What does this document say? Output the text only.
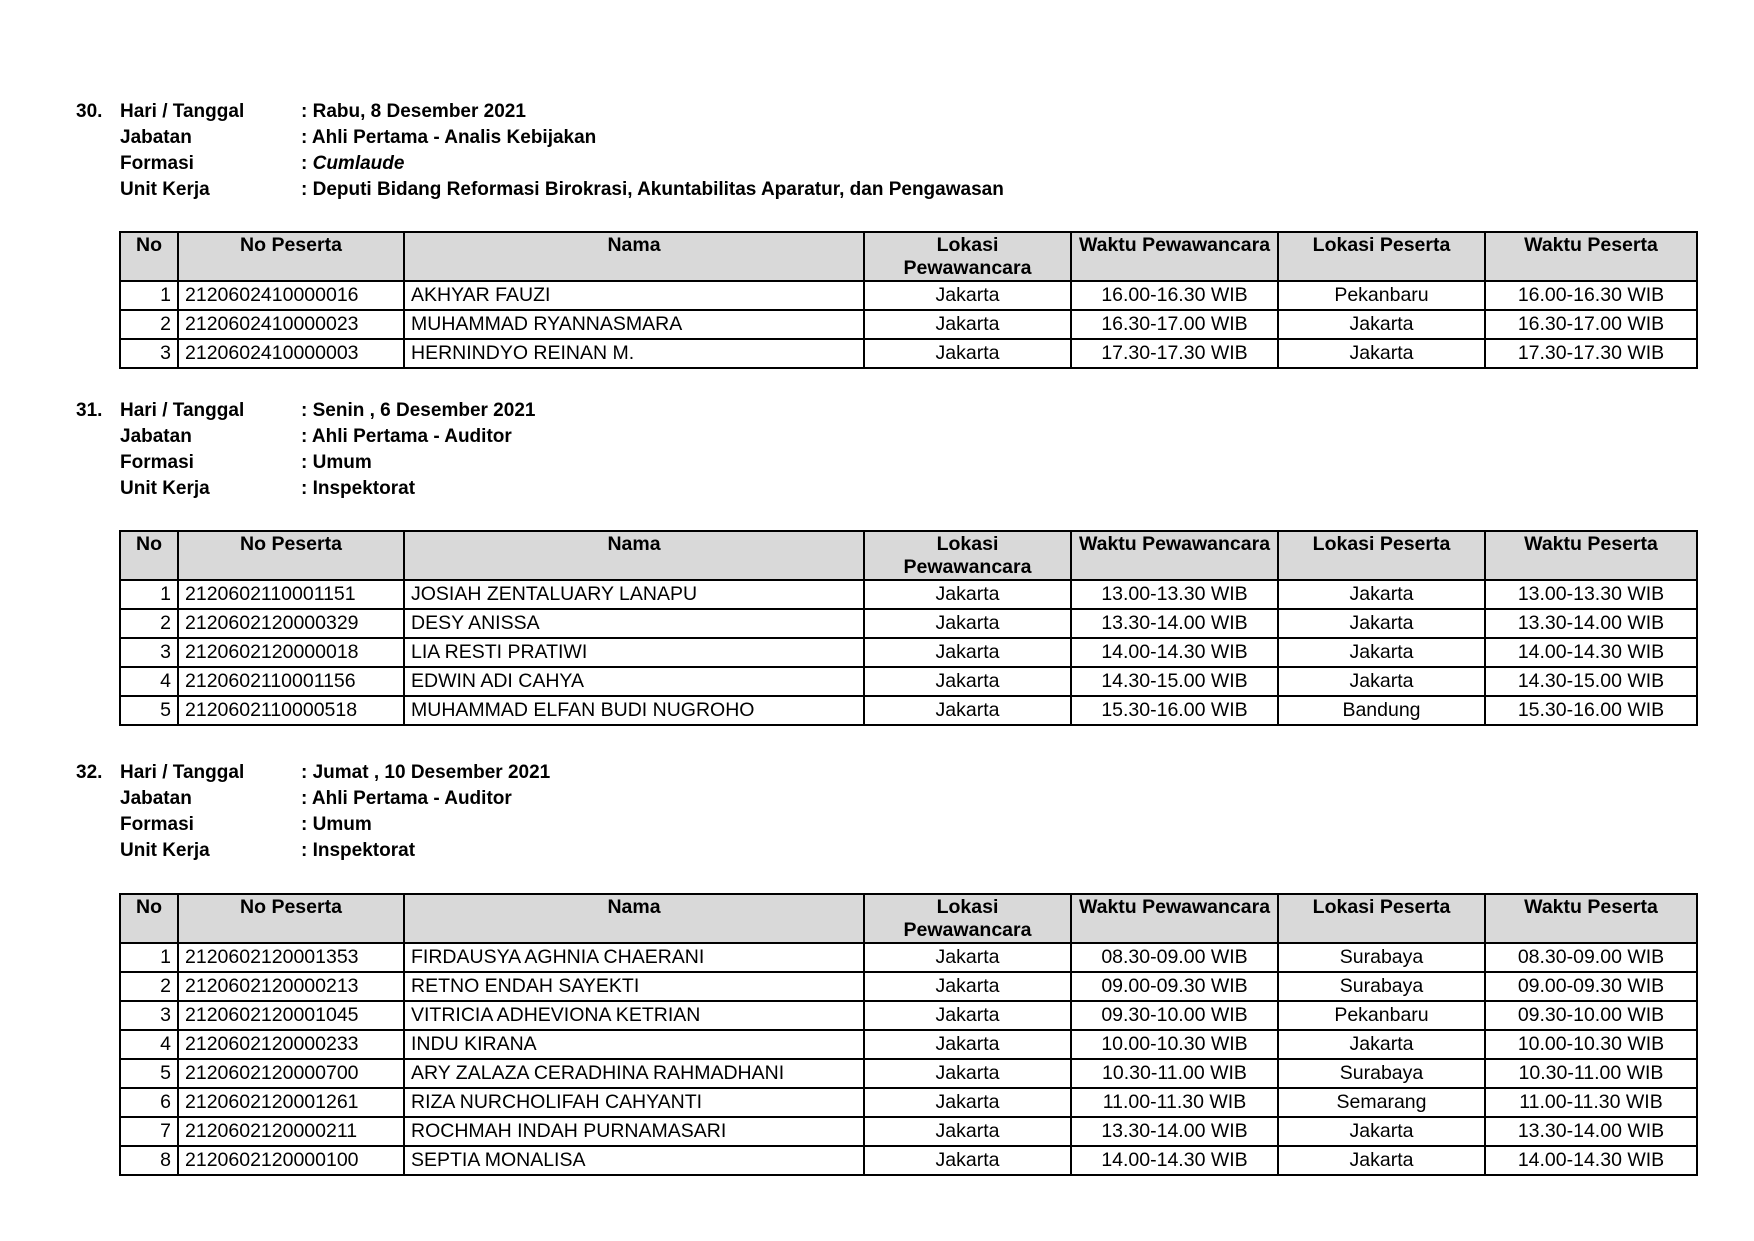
30. Hari / Tanggal	: Rabu, 8 Desember 2021
Jabatan	: Ahli Pertama - Analis Kebijakan
Formasi	: Cumlaude
Unit Kerja	: Deputi Bidang Reformasi Birokrasi, Akuntabilitas Aparatur, dan Pengawasan
No	No Peserta	Nama	Lokasi Pewawancara	Waktu Pewawancara	Lokasi Peserta	Waktu Peserta
1	2120602410000016	AKHYAR FAUZI	Jakarta	16.00-16.30 WIB	Pekanbaru	16.00-16.30 WIB
2	2120602410000023	MUHAMMAD RYANNASMARA	Jakarta	16.30-17.00 WIB	Jakarta	16.30-17.00 WIB
3	2120602410000003	HERNINDYO REINAN M.	Jakarta	17.30-17.30 WIB	Jakarta	17.30-17.30 WIB
31. Hari / Tanggal	: Senin , 6 Desember 2021
Jabatan	: Ahli Pertama - Auditor
Formasi	: Umum
Unit Kerja	: Inspektorat
No	No Peserta	Nama	Lokasi Pewawancara	Waktu Pewawancara	Lokasi Peserta	Waktu Peserta
1	2120602110001151	JOSIAH ZENTALUARY LANAPU	Jakarta	13.00-13.30 WIB	Jakarta	13.00-13.30 WIB
2	2120602120000329	DESY ANISSA	Jakarta	13.30-14.00 WIB	Jakarta	13.30-14.00 WIB
3	2120602120000018	LIA RESTI PRATIWI	Jakarta	14.00-14.30 WIB	Jakarta	14.00-14.30 WIB
4	2120602110001156	EDWIN ADI CAHYA	Jakarta	14.30-15.00 WIB	Jakarta	14.30-15.00 WIB
5	2120602110000518	MUHAMMAD ELFAN BUDI NUGROHO	Jakarta	15.30-16.00 WIB	Bandung	15.30-16.00 WIB
32. Hari / Tanggal	: Jumat , 10 Desember 2021
Jabatan	: Ahli Pertama - Auditor
Formasi	: Umum
Unit Kerja	: Inspektorat
No	No Peserta	Nama	Lokasi Pewawancara	Waktu Pewawancara	Lokasi Peserta	Waktu Peserta
1	2120602120001353	FIRDAUSYA AGHNIA CHAERANI	Jakarta	08.30-09.00 WIB	Surabaya	08.30-09.00 WIB
2	2120602120000213	RETNO ENDAH SAYEKTI	Jakarta	09.00-09.30 WIB	Surabaya	09.00-09.30 WIB
3	2120602120001045	VITRICIA ADHEVIONA KETRIAN	Jakarta	09.30-10.00 WIB	Pekanbaru	09.30-10.00 WIB
4	2120602120000233	INDU KIRANA	Jakarta	10.00-10.30 WIB	Jakarta	10.00-10.30 WIB
5	2120602120000700	ARY ZALAZA CERADHINA RAHMADHANI	Jakarta	10.30-11.00 WIB	Surabaya	10.30-11.00 WIB
6	2120602120001261	RIZA NURCHOLIFAH CAHYANTI	Jakarta	11.00-11.30 WIB	Semarang	11.00-11.30 WIB
7	2120602120000211	ROCHMAH INDAH PURNAMASARI	Jakarta	13.30-14.00 WIB	Jakarta	13.30-14.00 WIB
8	2120602120000100	SEPTIA MONALISA	Jakarta	14.00-14.30 WIB	Jakarta	14.00-14.30 WIB
